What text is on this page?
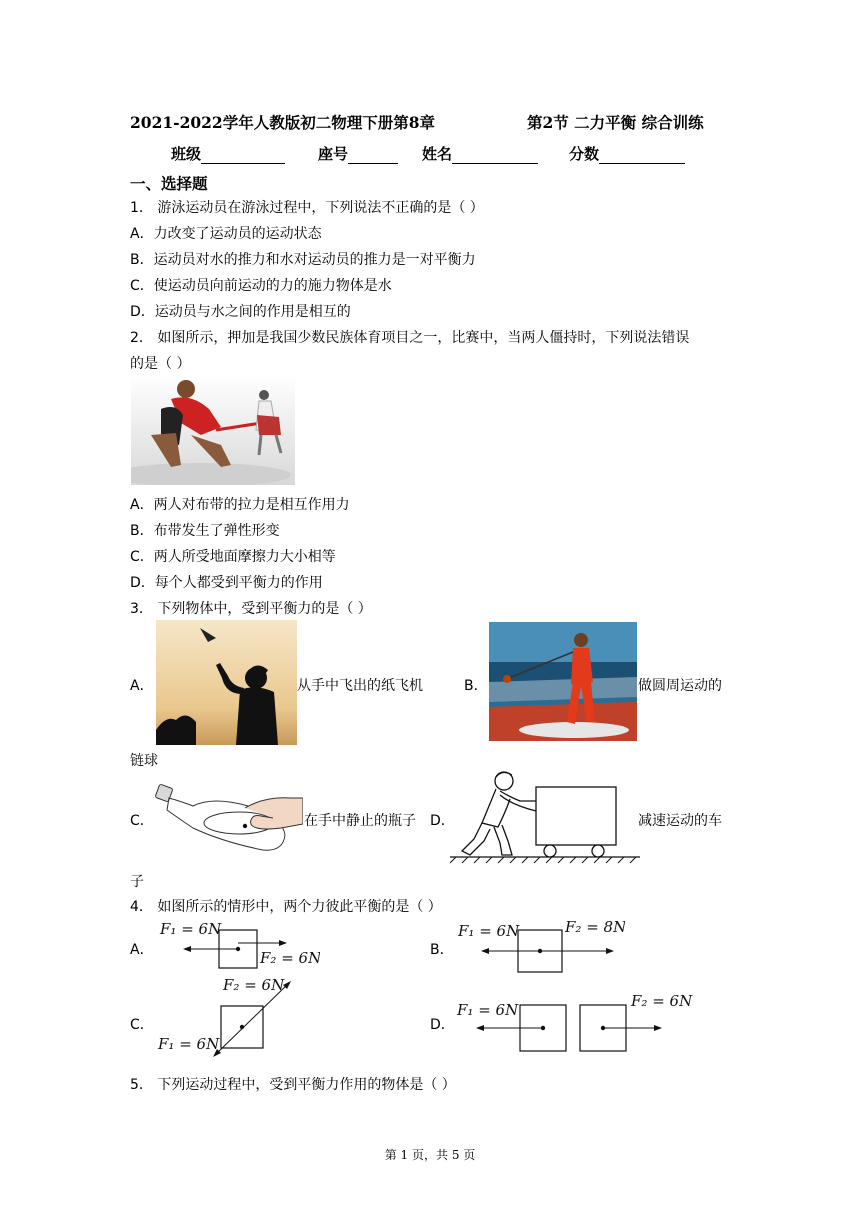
2021-2022学年人教版初二物理下册第8章	第2节 二力平衡 综合训练
班级	座号	姓名	分数
一、选择题
1． 游泳运动员在游泳过程中，下列说法不正确的是（ ）
A．力改变了运动员的运动状态
B．运动员对水的推力和水对运动员的推力是一对平衡力
C．使运动员向前运动的力的施力物体是水
D．运动员与水之间的作用是相互的
2． 如图所示，押加是我国少数民族体育项目之一，比赛中，当两人僵持时，下列说法错误
的是（ ）
A．两人对布带的拉力是相互作用力
B．布带发生了弹性形变
C．两人所受地面摩擦力大小相等
D．每个人都受到平衡力的作用
3． 下列物体中，受到平衡力的是（ ）
A．	从手中飞出的纸飞机	B．	做圆周运动的
链球
C．	在手中静止的瓶子 D．	减速运动的车
子
4． 如图所示的情形中，两个力彼此平衡的是（ ）
A．
F₁ = 6N
F₂ = 6N	B．
F₁ = 6N	F₂ = 8N
C．
F₂ = 6N
F₁ = 6N
D．
F₁ = 6N	F₂ = 6N
5． 下列运动过程中，受到平衡力作用的物体是（ ）
第 1 页，共 5 页
